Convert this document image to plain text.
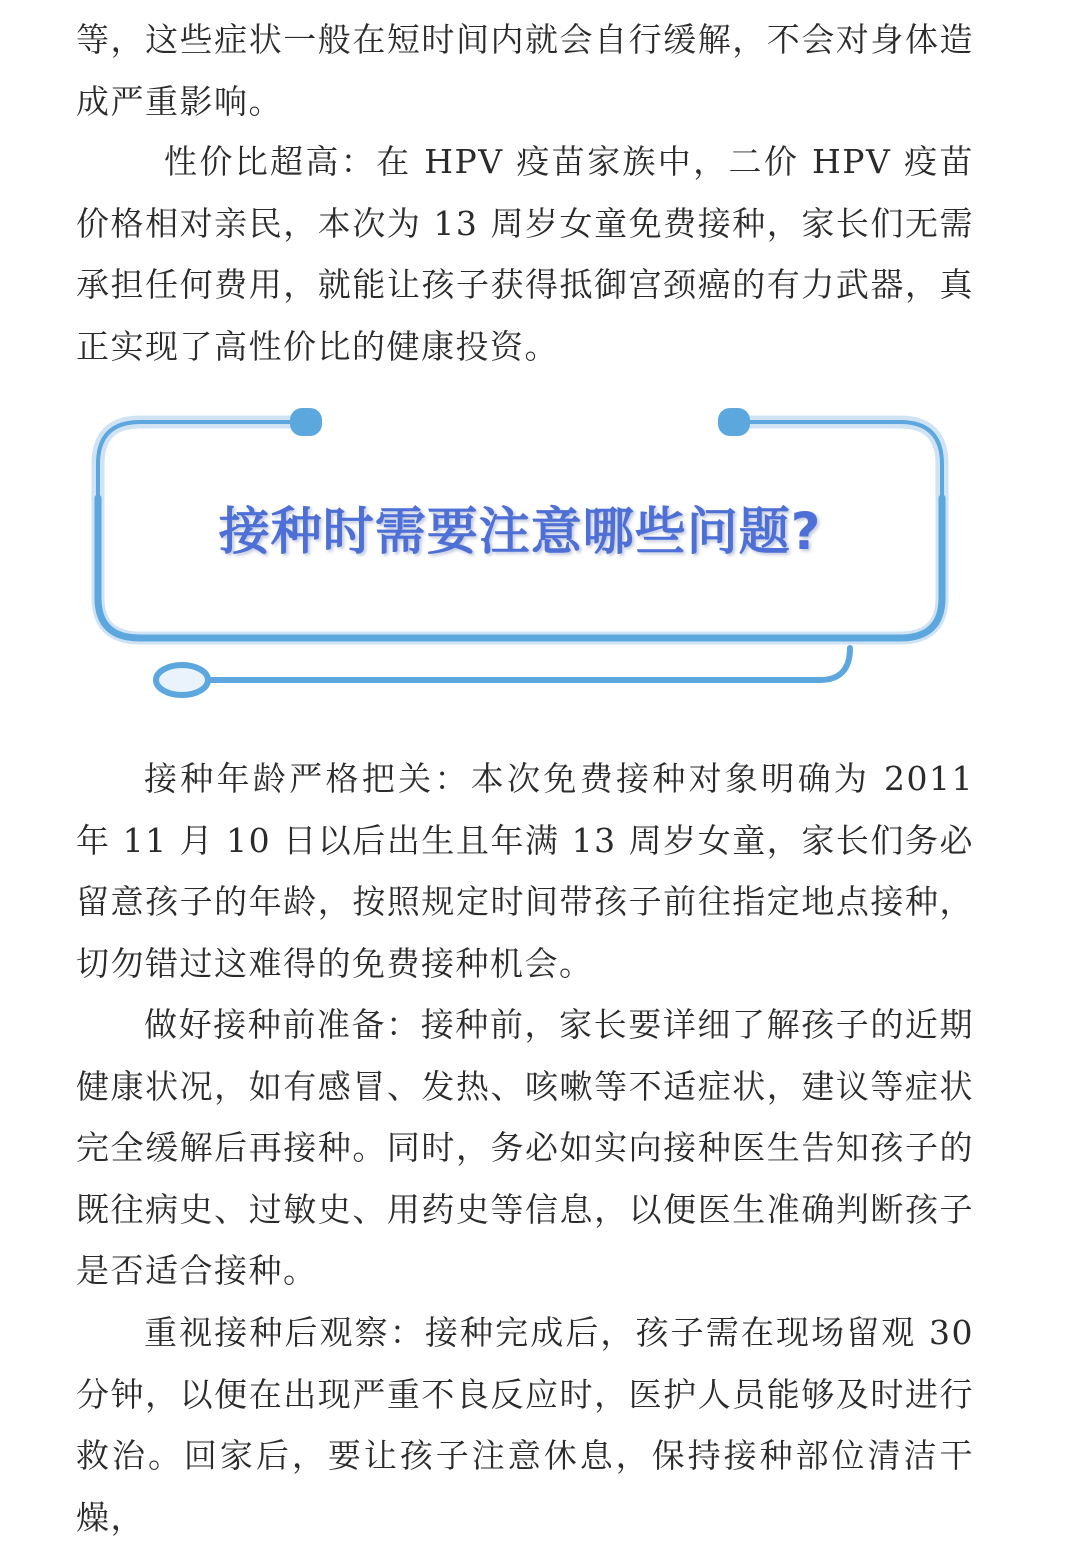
等，这些症状一般在短时间内就会自行缓解，不会对身体造成严重影响。

性价比超高：在 HPV 疫苗家族中，二价 HPV 疫苗价格相对亲民，本次为 13 周岁女童免费接种，家长们无需承担任何费用，就能让孩子获得抵御宫颈癌的有力武器，真正实现了高性价比的健康投资。

接种时需要注意哪些问题?

接种年龄严格把关：本次免费接种对象明确为 2011 年 11 月 10 日以后出生且年满 13 周岁女童，家长们务必留意孩子的年龄，按照规定时间带孩子前往指定地点接种，切勿错过这难得的免费接种机会。

做好接种前准备：接种前，家长要详细了解孩子的近期健康状况，如有感冒、发热、咳嗽等不适症状，建议等症状完全缓解后再接种。同时，务必如实向接种医生告知孩子的既往病史、过敏史、用药史等信息，以便医生准确判断孩子是否适合接种。

重视接种后观察：接种完成后，孩子需在现场留观 30 分钟，以便在出现严重不良反应时，医护人员能够及时进行救治。回家后，要让孩子注意休息，保持接种部位清洁干燥，
